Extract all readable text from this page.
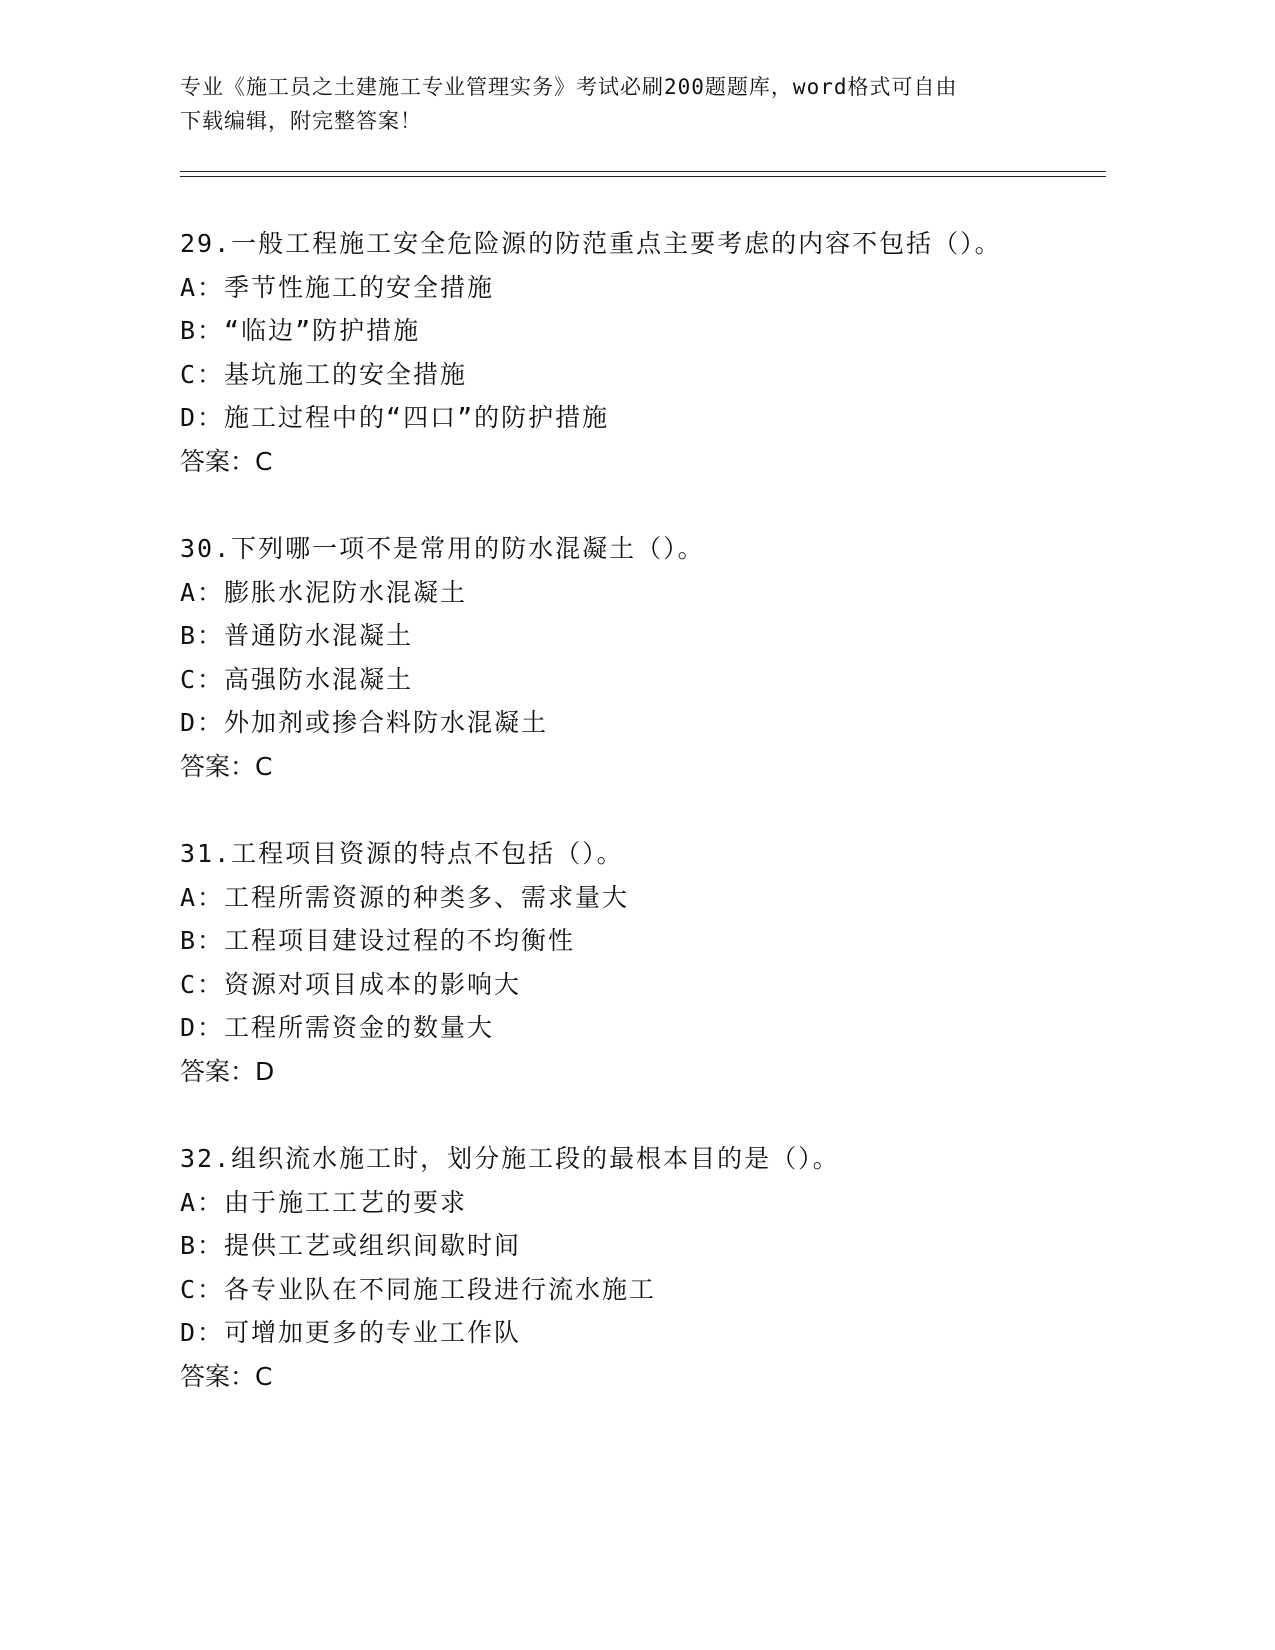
专业《施工员之土建施工专业管理实务》考试必刷200题题库，word格式可自由
下载编辑，附完整答案！
29.一般工程施工安全危险源的防范重点主要考虑的内容不包括（）。
A：季节性施工的安全措施
B：“临边”防护措施
C：基坑施工的安全措施
D：施工过程中的“四口”的防护措施
答案：C
30.下列哪一项不是常用的防水混凝土（）。
A：膨胀水泥防水混凝土
B：普通防水混凝土
C：高强防水混凝土
D：外加剂或掺合料防水混凝土
答案：C
31.工程项目资源的特点不包括（）。
A：工程所需资源的种类多、需求量大
B：工程项目建设过程的不均衡性
C：资源对项目成本的影响大
D：工程所需资金的数量大
答案：D
32.组织流水施工时，划分施工段的最根本目的是（）。
A：由于施工工艺的要求
B：提供工艺或组织间歇时间
C：各专业队在不同施工段进行流水施工
D：可增加更多的专业工作队
答案：C
